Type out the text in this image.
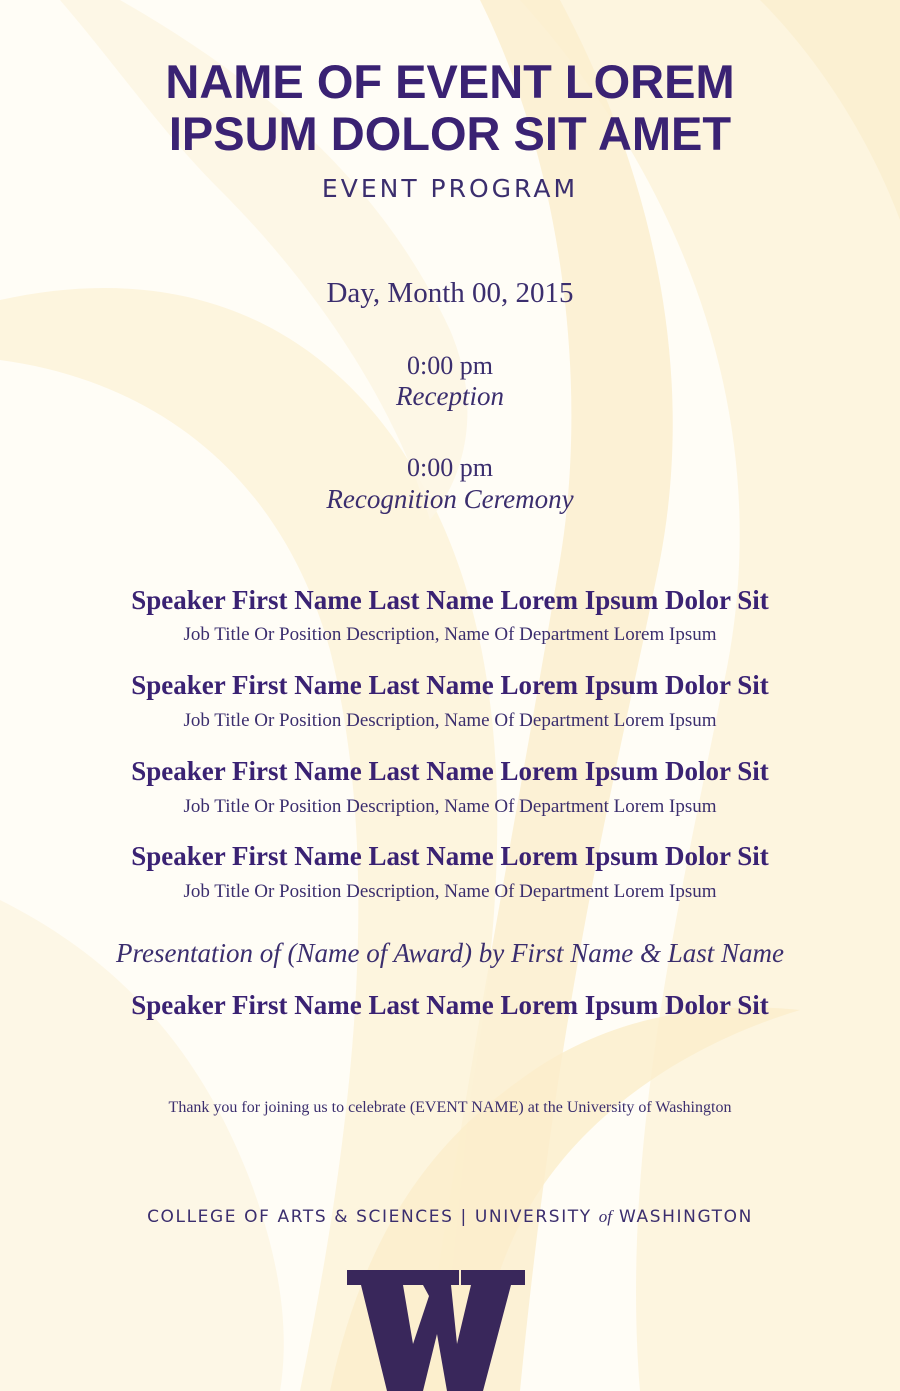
NAME OF EVENT LOREM

IPSUM DOLOR SIT AMET

EVENT PROGRAM

Day, Month 00, 2015

0:00 pm

Reception

0:00 pm

Recognition Ceremony

Speaker First Name Last Name Lorem Ipsum Dolor Sit

Job Title Or Position Description, Name Of Department Lorem Ipsum

Speaker First Name Last Name Lorem Ipsum Dolor Sit

Job Title Or Position Description, Name Of Department Lorem Ipsum

Speaker First Name Last Name Lorem Ipsum Dolor Sit

Job Title Or Position Description, Name Of Department Lorem Ipsum

Speaker First Name Last Name Lorem Ipsum Dolor Sit

Job Title Or Position Description, Name Of Department Lorem Ipsum

Presentation of (Name of Award) by First Name & Last Name

Speaker First Name Last Name Lorem Ipsum Dolor Sit

Thank you for joining us to celebrate (EVENT NAME) at the University of Washington

COLLEGE OF ARTS & SCIENCES | UNIVERSITY of WASHINGTON
